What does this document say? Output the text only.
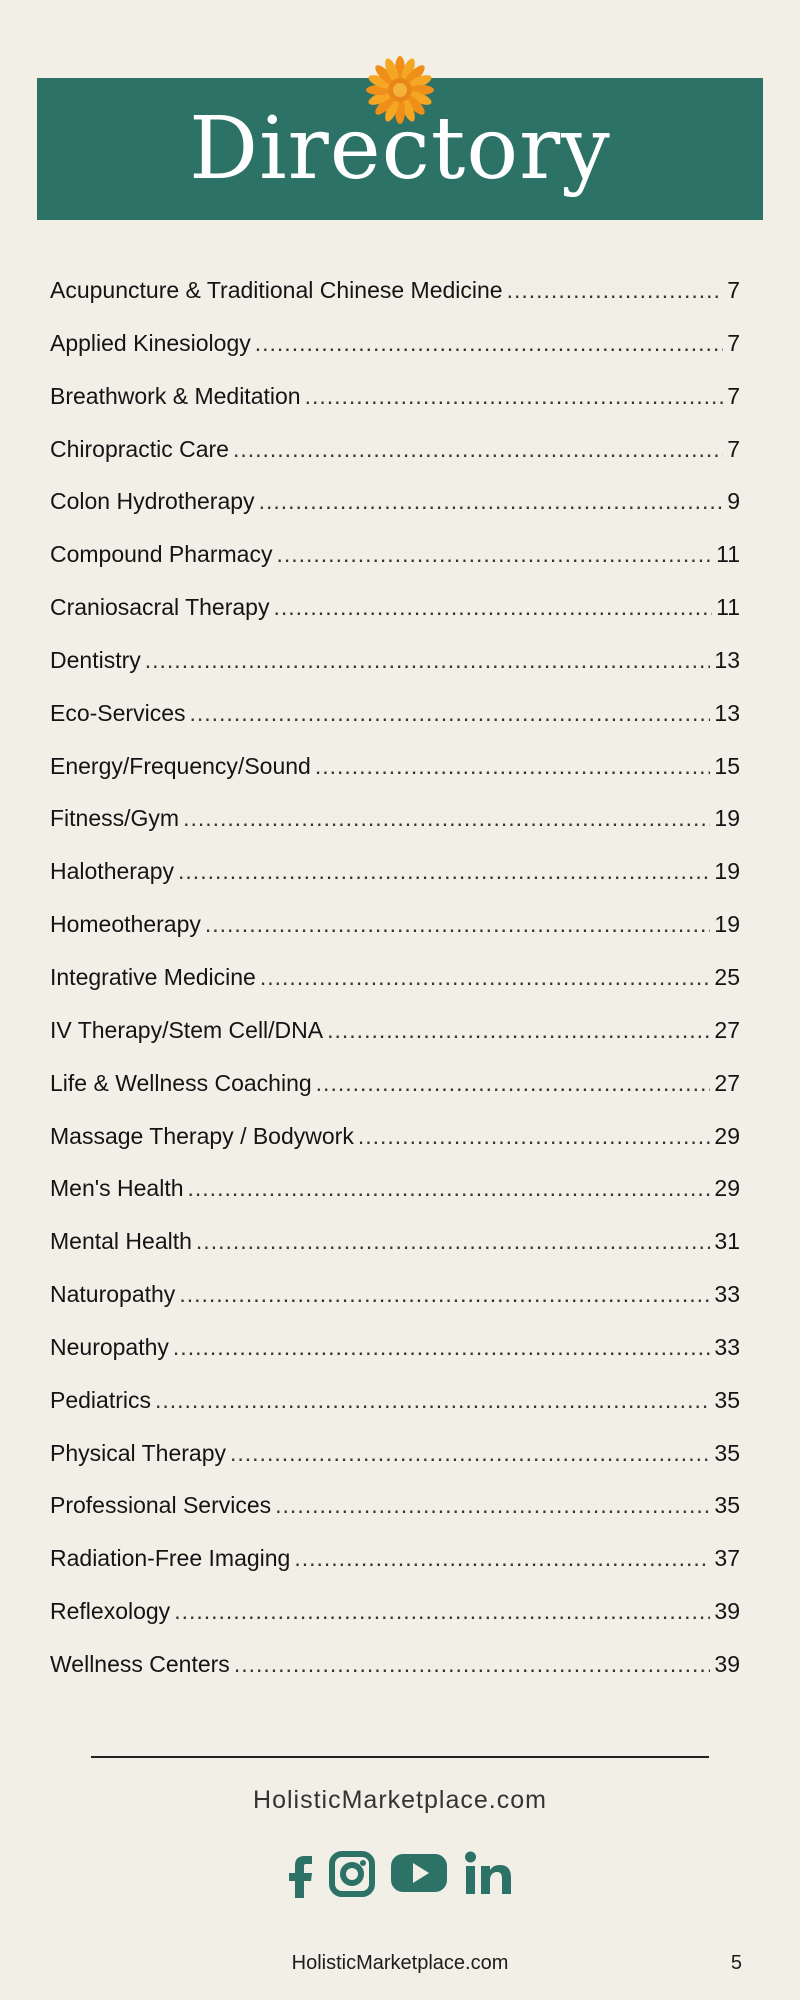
Directory
Acupuncture & Traditional Chinese Medicine .....	7
Applied Kinesiology .....	7
Breathwork & Meditation .....	7
Chiropractic Care .....	7
Colon Hydrotherapy .....	9
Compound Pharmacy .....	11
Craniosacral Therapy .....	11
Dentistry .....	13
Eco-Services .....	13
Energy/Frequency/Sound .....	15
Fitness/Gym .....	19
Halotherapy .....	19
Homeotherapy .....	19
Integrative Medicine .....	25
IV Therapy/Stem Cell/DNA .....	27
Life & Wellness Coaching .....	27
Massage Therapy / Bodywork .....	29
Men's Health .....	29
Mental Health .....	31
Naturopathy .....	33
Neuropathy .....	33
Pediatrics .....	35
Physical Therapy .....	35
Professional Services .....	35
Radiation-Free Imaging .....	37
Reflexology .....	39
Wellness Centers .....	39
HolisticMarketplace.com
HolisticMarketplace.com	5
